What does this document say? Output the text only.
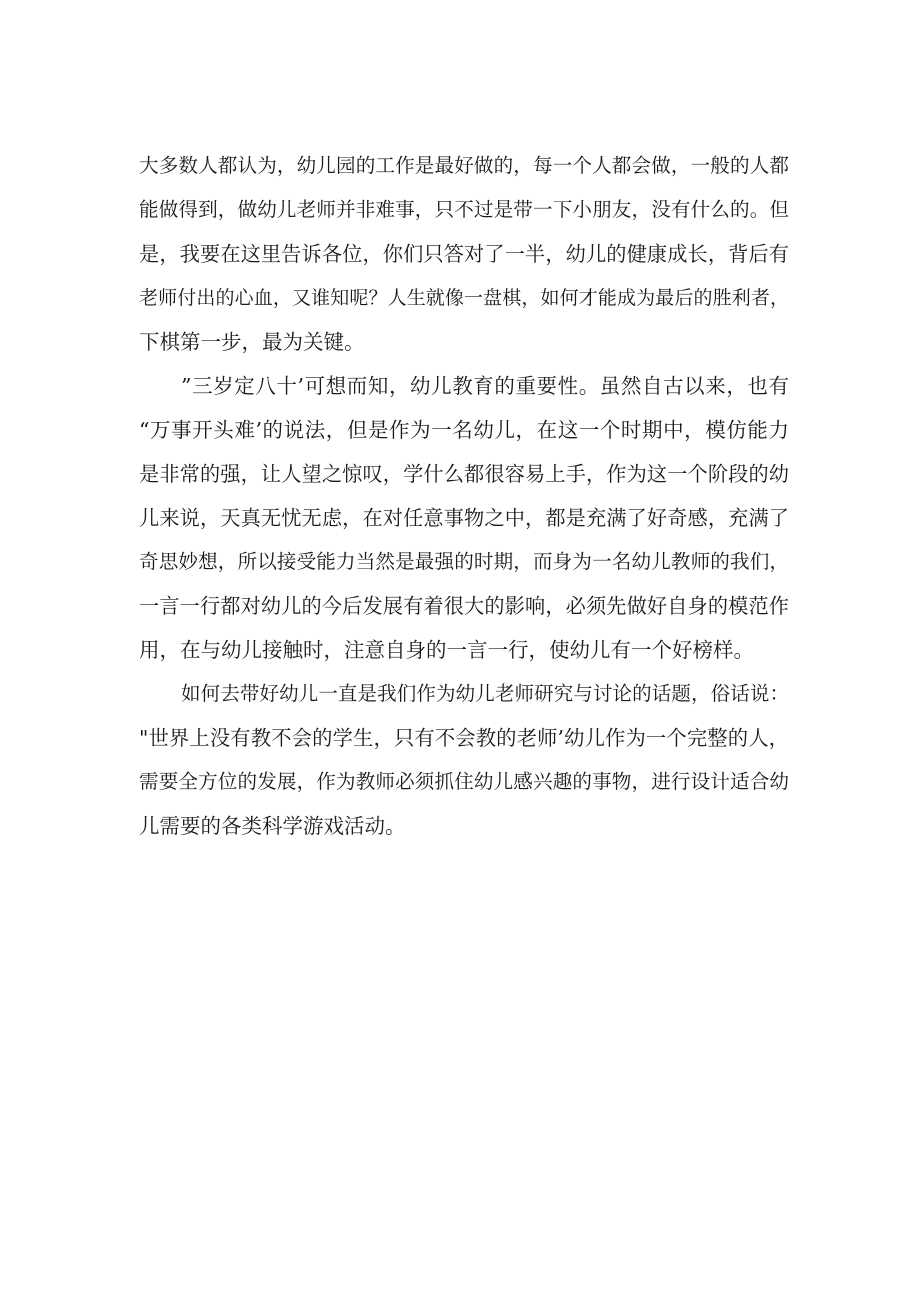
大多数人都认为，幼儿园的工作是最好做的，每一个人都会做，一般的人都
能做得到，做幼儿老师并非难事，只不过是带一下小朋友，没有什么的。但
是，我要在这里告诉各位，你们只答对了一半，幼儿的健康成长，背后有
老师付出的心血，又谁知呢？人生就像一盘棋，如何才能成为最后的胜利者，
下棋第一步，最为关键。
”三岁定八十’可想而知，幼儿教育的重要性。虽然自古以来，也有
“万事开头难’的说法，但是作为一名幼儿，在这一个时期中，模仿能力
是非常的强，让人望之惊叹，学什么都很容易上手，作为这一个阶段的幼
儿来说，天真无忧无虑，在对任意事物之中，都是充满了好奇感，充满了
奇思妙想，所以接受能力当然是最强的时期，而身为一名幼儿教师的我们，
一言一行都对幼儿的今后发展有着很大的影响，必须先做好自身的模范作
用，在与幼儿接触时，注意自身的一言一行，使幼儿有一个好榜样。
如何去带好幼儿一直是我们作为幼儿老师研究与讨论的话题，俗话说：
"世界上没有教不会的学生，只有不会教的老师’幼儿作为一个完整的人，
需要全方位的发展，作为教师必须抓住幼儿感兴趣的事物，进行设计适合幼
儿需要的各类科学游戏活动。
